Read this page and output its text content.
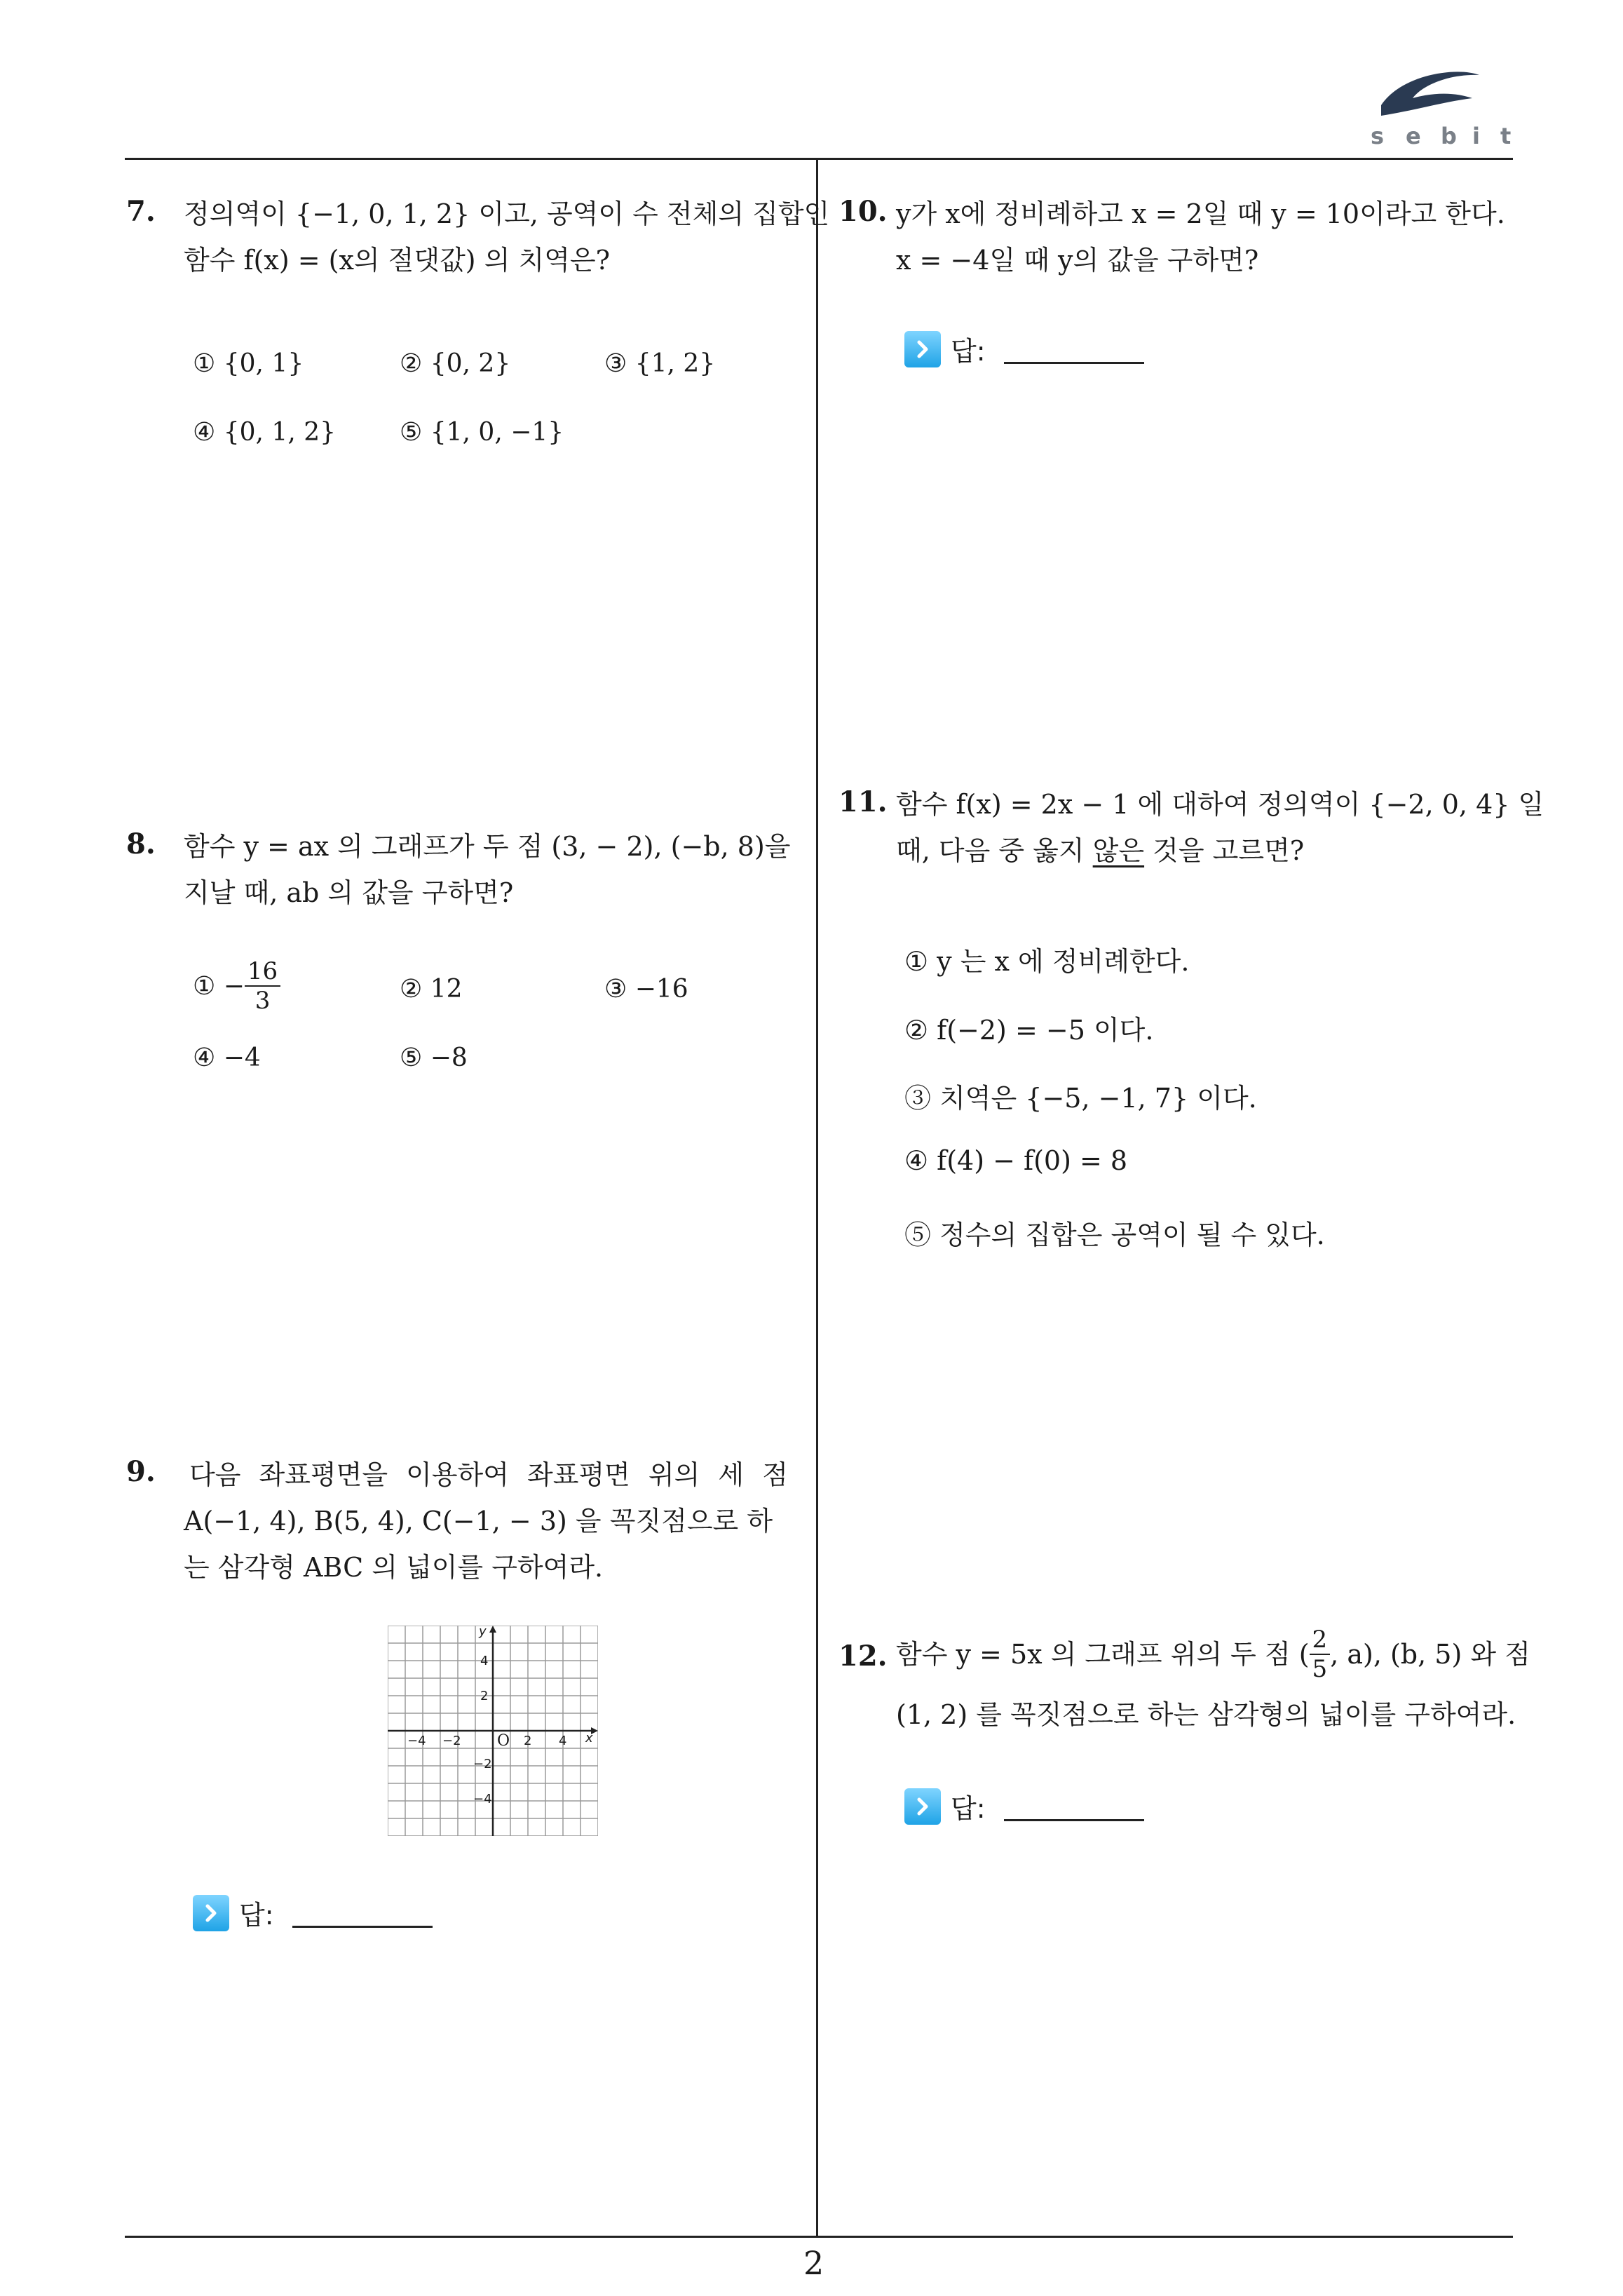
s e b i t
7. 정의역이 {−1, 0, 1, 2} 이고, 공역이 수 전체의 집합인
함수 f(x) = (x의 절댓값) 의 치역은?
① {0, 1}	② {0, 2}	③ {1, 2}
④ {0, 1, 2}	⑤ {1, 0, −1}
8. 함수 y = ax 의 그래프가 두 점 (3, − 2), (−b, 8)을
지날 때, ab 의 값을 구하면?
① − $\frac{16}{3}$	② 12	③ −16
④ −4	⑤ −8
9. 다음 좌표평면을 이용하여 좌표평면 위의 세 점
A(−1, 4), B(5, 4), C(−1, − 3) 을 꼭짓점으로 하
는 삼각형 ABC 의 넓이를 구하여라.
−4 −2 O 2 4 x
y
4
2
−2
−4
답:
10. y가 x에 정비례하고 x = 2일 때 y = 10이라고 한다.
x = −4일 때 y의 값을 구하면?
답:
11. 함수 f(x) = 2x − 1 에 대하여 정의역이 {−2, 0, 4} 일
때, 다음 중 옳지 않은 것을 고르면?
① y 는 x 에 정비례한다.
② f(−2) = −5 이다.
③ 치역은 {−5, −1, 7} 이다.
④ f(4) − f(0) = 8
⑤ 정수의 집합은 공역이 될 수 있다.
12. 함수 y = 5x 의 그래프 위의 두 점 ( $\frac{2}{5}$ , a), (b, 5) 와 점
(1, 2) 를 꼭짓점으로 하는 삼각형의 넓이를 구하여라.
답:
2
